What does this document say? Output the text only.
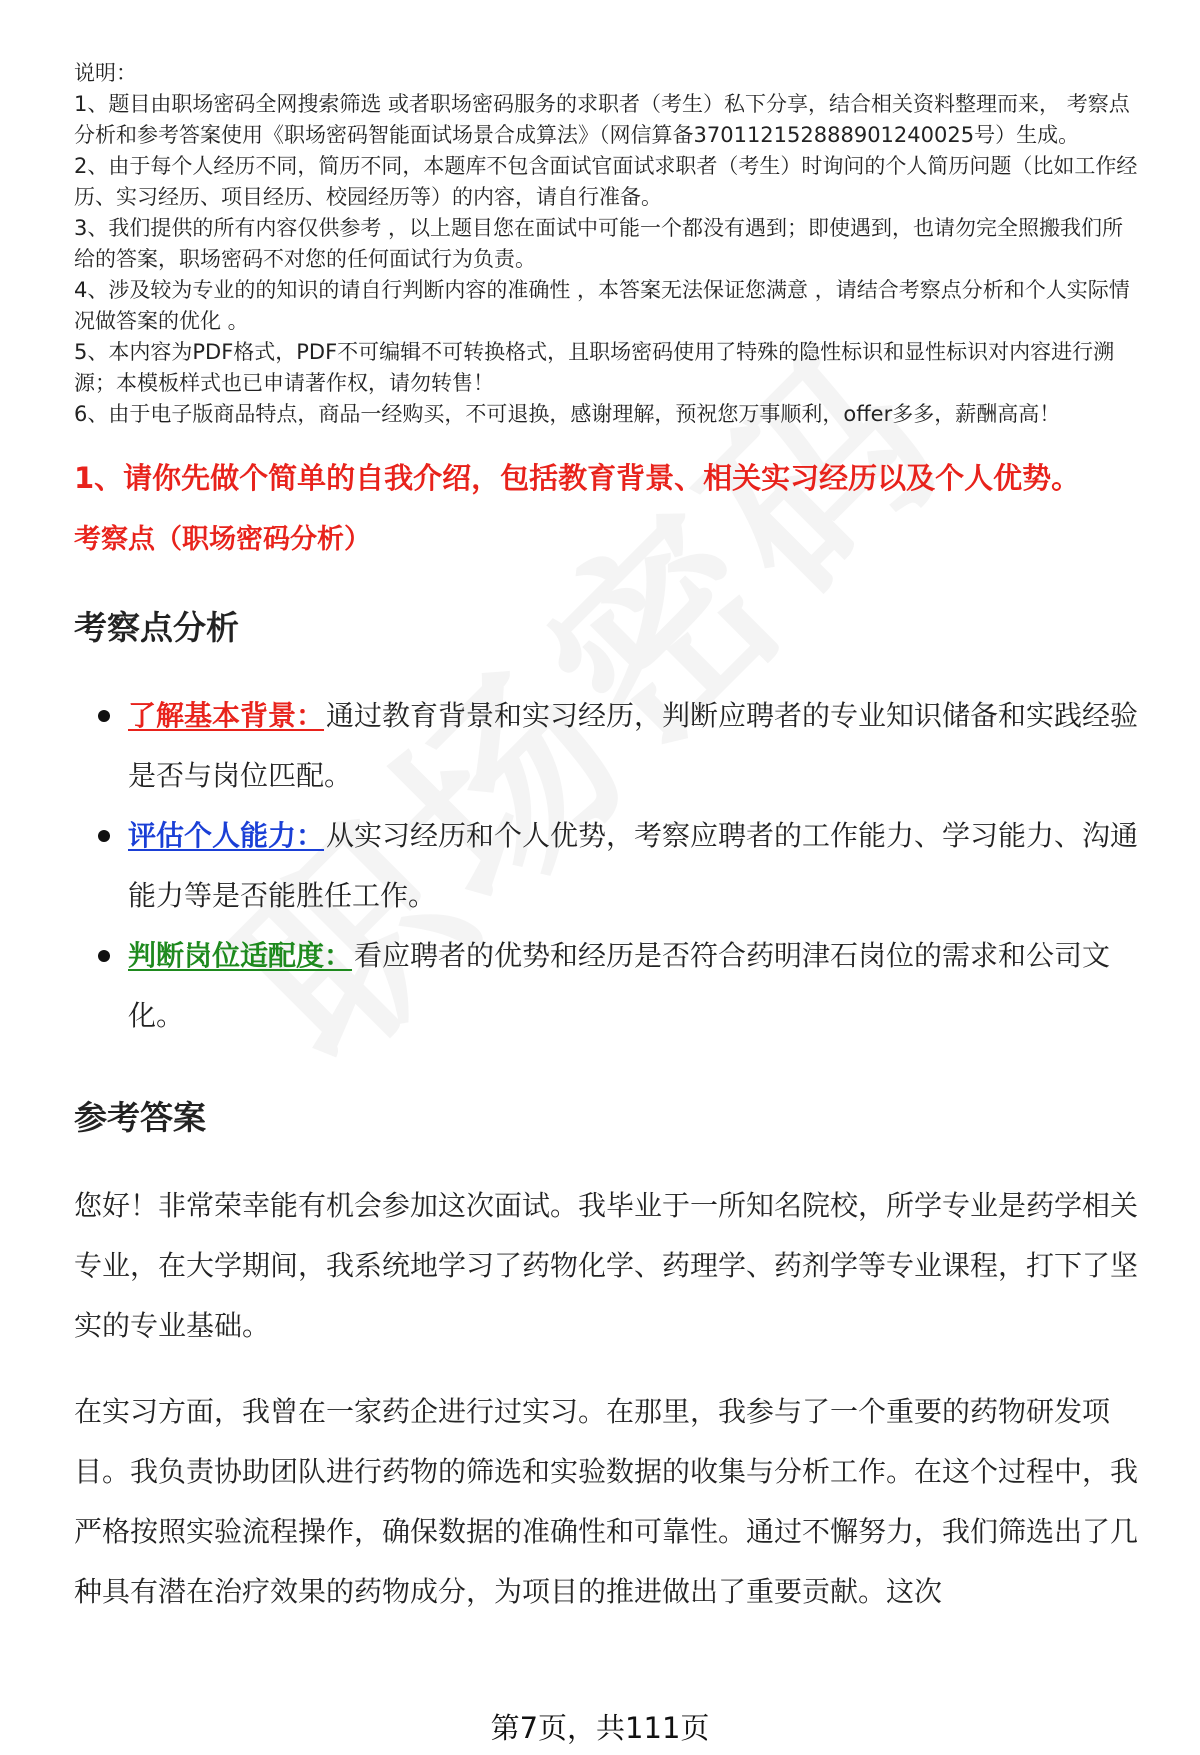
说明：

1、题目由职场密码全网搜索筛选 或者职场密码服务的求职者（考生）私下分享，结合相关资料整理而来， 考察点分析和参考答案使用《职场密码智能面试场景合成算法》（网信算备370112152888901240025号）生成。

2、由于每个人经历不同，简历不同，本题库不包含面试官面试求职者（考生）时询问的个人简历问题（比如工作经历、实习经历、项目经历、校园经历等）的内容，请自行准备。

3、我们提供的所有内容仅供参考 ，以上题目您在面试中可能一个都没有遇到；即使遇到，也请勿完全照搬我们所给的答案，职场密码不对您的任何面试行为负责。

4、涉及较为专业的的知识的请自行判断内容的准确性 ，本答案无法保证您满意 ，请结合考察点分析和个人实际情况做答案的优化 。

5、本内容为PDF格式，PDF不可编辑不可转换格式，且职场密码使用了特殊的隐性标识和显性标识对内容进行溯源；本模板样式也已申请著作权，请勿转售！

6、由于电子版商品特点，商品一经购买，不可退换，感谢理解，预祝您万事顺利，offer多多，薪酬高高！

1、请你先做个简单的自我介绍，包括教育背景、相关实习经历以及个人优势。
考察点（职场密码分析）
考察点分析
了解基本背景：通过教育背景和实习经历，判断应聘者的专业知识储备和实践经验是否与岗位匹配。
评估个人能力：从实习经历和个人优势，考察应聘者的工作能力、学习能力、沟通能力等是否能胜任工作。
判断岗位适配度：看应聘者的优势和经历是否符合药明津石岗位的需求和公司文化。
参考答案

您好！非常荣幸能有机会参加这次面试。我毕业于一所知名院校，所学专业是药学相关专业，在大学期间，我系统地学习了药物化学、药理学、药剂学等专业课程，打下了坚实的专业基础。

在实习方面，我曾在一家药企进行过实习。在那里，我参与了一个重要的药物研发项目。我负责协助团队进行药物的筛选和实验数据的收集与分析工作。在这个过程中，我严格按照实验流程操作，确保数据的准确性和可靠性。通过不懈努力，我们筛选出了几种具有潜在治疗效果的药物成分，为项目的推进做出了重要贡献。这次

第7页，共111页
